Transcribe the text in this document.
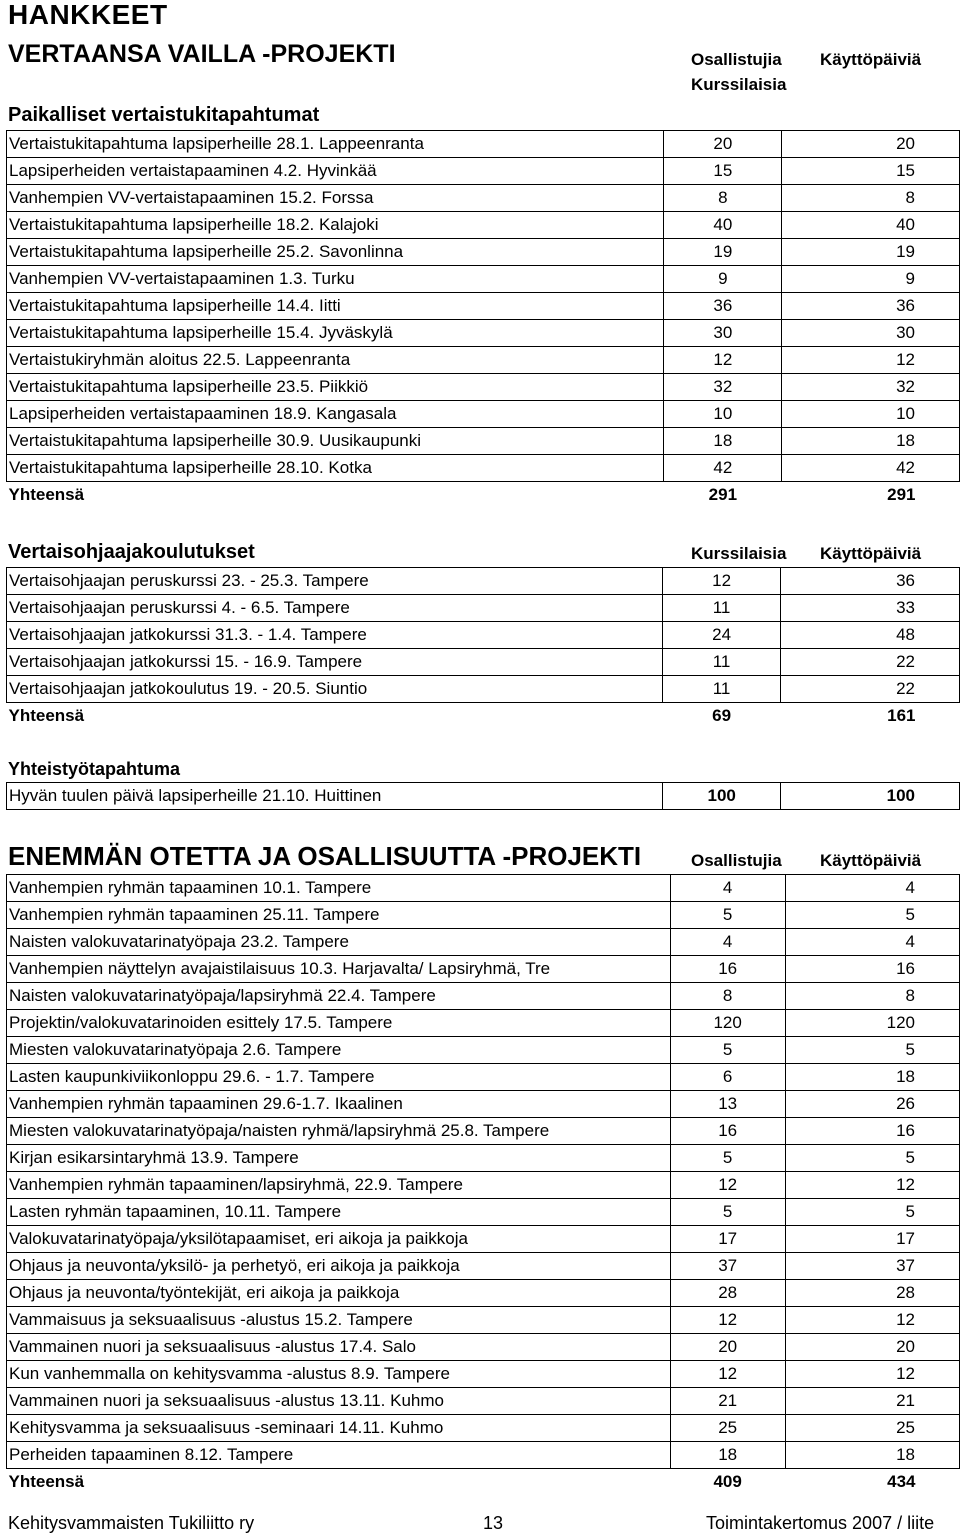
HANKKEET
VERTAANSA VAILLA -PROJEKTI	Osallistujia
Kurssilaisia
Käyttöpäiviä
Paikalliset vertaistukitapahtumat
Vertaistukitapahtuma lapsiperheille 28.1. Lappeenranta	20	20
Lapsiperheiden vertaistapaaminen 4.2. Hyvinkää	15	15
Vanhempien VV-vertaistapaaminen 15.2. Forssa	8	8
Vertaistukitapahtuma lapsiperheille 18.2. Kalajoki	40	40
Vertaistukitapahtuma lapsiperheille 25.2. Savonlinna	19	19
Vanhempien VV-vertaistapaaminen 1.3. Turku	9	9
Vertaistukitapahtuma lapsiperheille 14.4. Iitti	36	36
Vertaistukitapahtuma lapsiperheille 15.4. Jyväskylä	30	30
Vertaistukiryhmän aloitus 22.5. Lappeenranta	12	12
Vertaistukitapahtuma lapsiperheille 23.5. Piikkiö	32	32
Lapsiperheiden vertaistapaaminen 18.9. Kangasala	10	10
Vertaistukitapahtuma lapsiperheille 30.9. Uusikaupunki	18	18
Vertaistukitapahtuma lapsiperheille 28.10. Kotka	42	42
Yhteensä	291	291
Vertaisohjaajakoulutukset	Kurssilaisia Käyttöpäiviä
Vertaisohjaajan peruskurssi 23. - 25.3. Tampere	12	36
Vertaisohjaajan peruskurssi 4. - 6.5. Tampere	11	33
Vertaisohjaajan jatkokurssi 31.3. - 1.4. Tampere	24	48
Vertaisohjaajan jatkokurssi 15. - 16.9. Tampere	11	22
Vertaisohjaajan jatkokoulutus 19. - 20.5. Siuntio	11	22
Yhteensä	69	161
Yhteistyötapahtuma
Hyvän tuulen päivä lapsiperheille 21.10. Huittinen	100	100
ENEMMÄN OTETTA JA OSALLISUUTTA -PROJEKTI	Osallistujia Käyttöpäiviä
Vanhempien ryhmän tapaaminen 10.1. Tampere	4	4
Vanhempien ryhmän tapaaminen 25.11. Tampere	5	5
Naisten valokuvatarinatyöpaja 23.2. Tampere	4	4
Vanhempien näyttelyn avajaistilaisuus 10.3. Harjavalta/ Lapsiryhmä, Tre	16	16
Naisten valokuvatarinatyöpaja/lapsiryhmä 22.4. Tampere	8	8
Projektin/valokuvatarinoiden esittely 17.5. Tampere	120	120
Miesten valokuvatarinatyöpaja 2.6. Tampere	5	5
Lasten kaupunkiviikonloppu 29.6. - 1.7. Tampere	6	18
Vanhempien ryhmän tapaaminen 29.6-1.7. Ikaalinen	13	26
Miesten valokuvatarinatyöpaja/naisten ryhmä/lapsiryhmä 25.8. Tampere	16	16
Kirjan esikarsintaryhmä 13.9. Tampere	5	5
Vanhempien ryhmän tapaaminen/lapsiryhmä, 22.9. Tampere	12	12
Lasten ryhmän tapaaminen, 10.11. Tampere	5	5
Valokuvatarinatyöpaja/yksilötapaamiset, eri aikoja ja paikkoja	17	17
Ohjaus ja neuvonta/yksilö- ja perhetyö, eri aikoja ja paikkoja	37	37
Ohjaus ja neuvonta/työntekijät, eri aikoja ja paikkoja	28	28
Vammaisuus ja seksuaalisuus -alustus 15.2. Tampere	12	12
Vammainen nuori ja seksuaalisuus -alustus 17.4. Salo	20	20
Kun vanhemmalla on kehitysvamma -alustus 8.9. Tampere	12	12
Vammainen nuori ja seksuaalisuus -alustus 13.11. Kuhmo	21	21
Kehitysvamma ja seksuaalisuus -seminaari 14.11. Kuhmo	25	25
Perheiden tapaaminen 8.12. Tampere	18	18
Yhteensä	409	434
Kehitysvammaisten Tukiliitto ry	13	Toimintakertomus 2007 / liite
